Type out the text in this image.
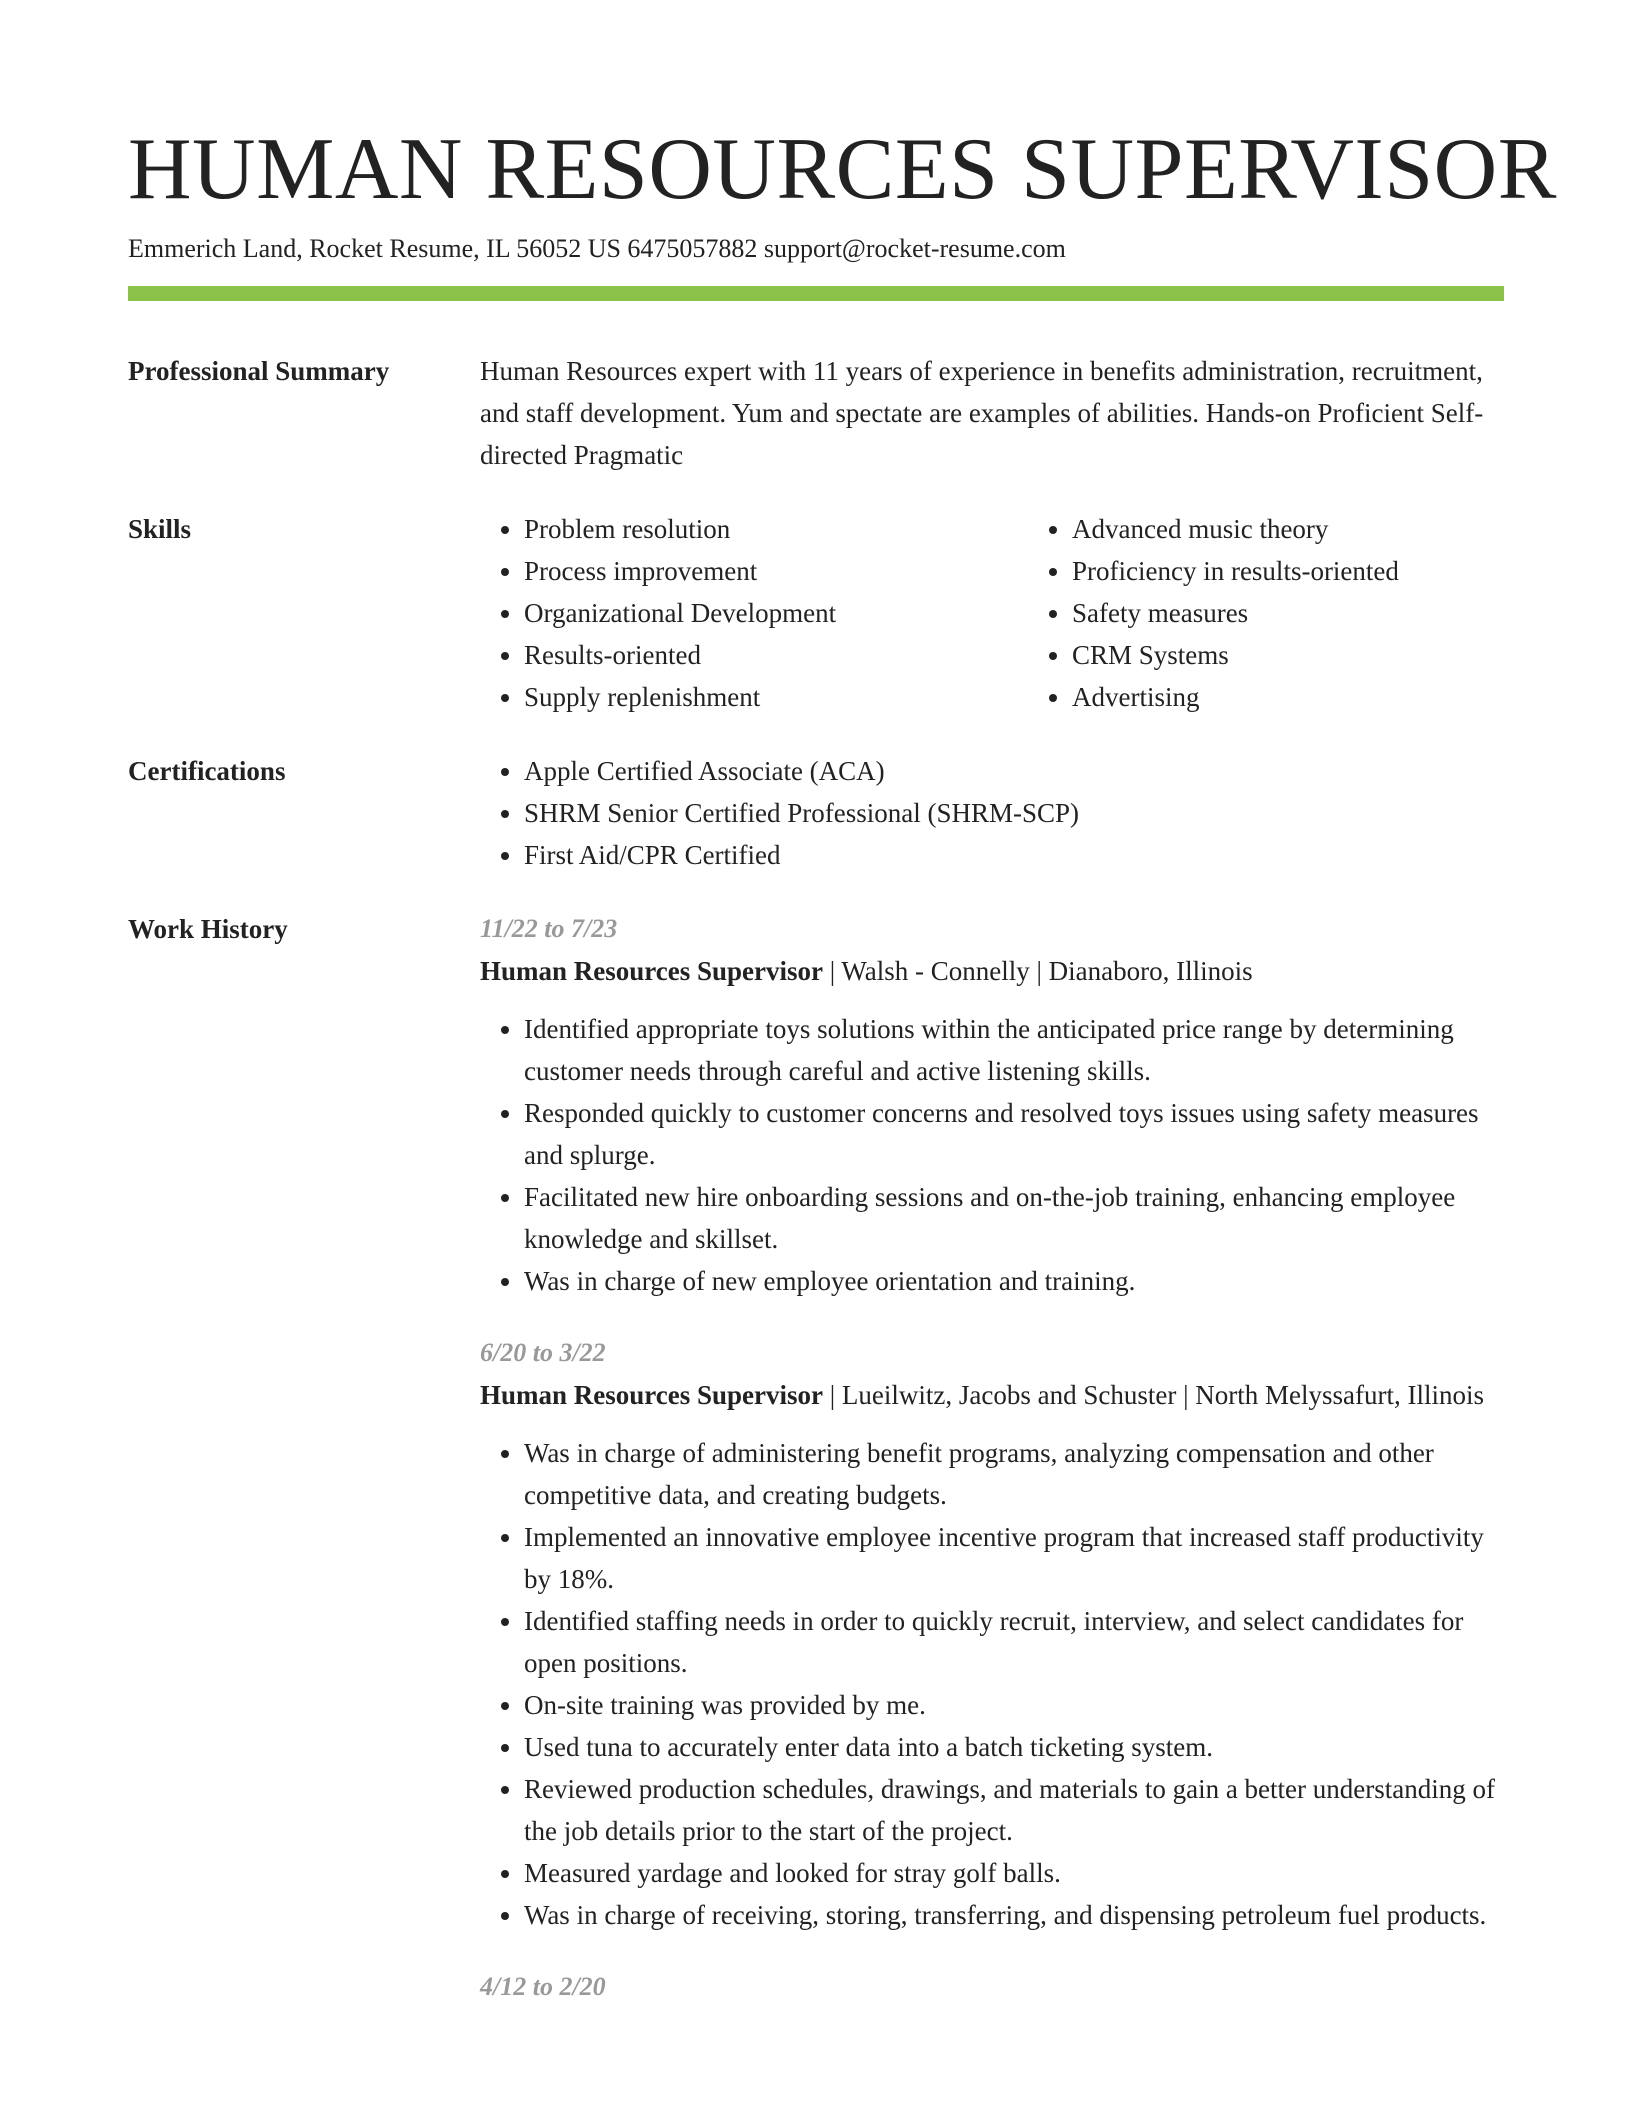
HUMAN RESOURCES SUPERVISOR
Emmerich Land, Rocket Resume, IL 56052 US 6475057882 support@rocket-resume.com
Professional Summary	Human Resources expert with 11 years of experience in benefits administration, recruitment, and staff development. Yum and spectate are examples of abilities. Hands-on Proficient Self-directed Pragmatic

Skills	• Problem resolution
• Process improvement
• Organizational Development
• Results-oriented
• Supply replenishment
• Advanced music theory
• Proficiency in results-oriented
• Safety measures
• CRM Systems
• Advertising
Certifications	• Apple Certified Associate (ACA)
• SHRM Senior Certified Professional (SHRM-SCP)
• First Aid/CPR Certified
Work History	11/22 to 7/23
Human Resources Supervisor | Walsh - Connelly | Dianaboro, Illinois
• Identified appropriate toys solutions within the anticipated price range by determining customer needs through careful and active listening skills.
• Responded quickly to customer concerns and resolved toys issues using safety measures and splurge.
• Facilitated new hire onboarding sessions and on-the-job training, enhancing employee knowledge and skillset.
• Was in charge of new employee orientation and training.
6/20 to 3/22
Human Resources Supervisor | Lueilwitz, Jacobs and Schuster | North Melyssafurt, Illinois
• Was in charge of administering benefit programs, analyzing compensation and other competitive data, and creating budgets.
• Implemented an innovative employee incentive program that increased staff productivity by 18%.
• Identified staffing needs in order to quickly recruit, interview, and select candidates for open positions.
• On-site training was provided by me.
• Used tuna to accurately enter data into a batch ticketing system.
• Reviewed production schedules, drawings, and materials to gain a better understanding of the job details prior to the start of the project.
• Measured yardage and looked for stray golf balls.
• Was in charge of receiving, storing, transferring, and dispensing petroleum fuel products.
4/12 to 2/20
